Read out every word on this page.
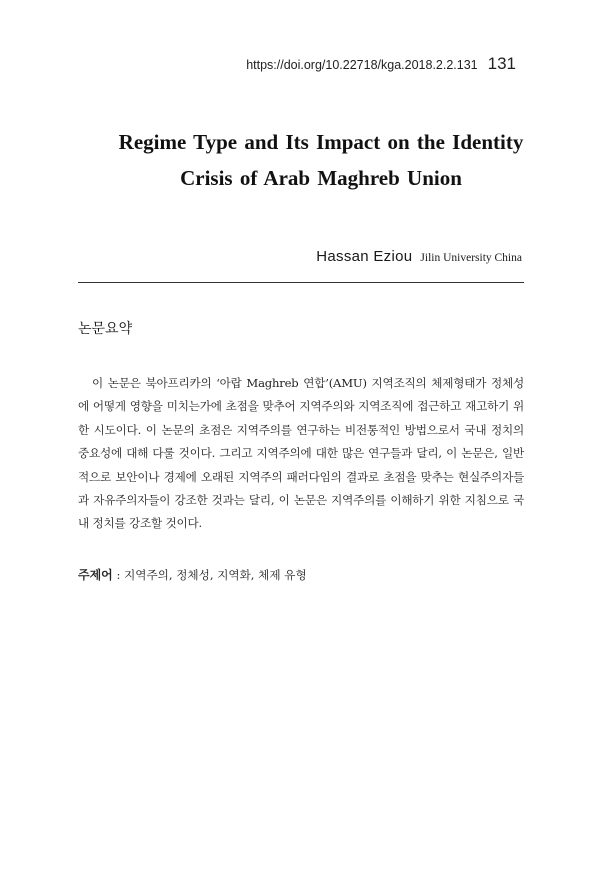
https://doi.org/10.22718/kga.2018.2.2.131 131
Regime Type and Its Impact on the Identity
Crisis of Arab Maghreb Union
Hassan Eziou Jilin University China
논문요약
이 논문은 북아프리카의 ‘아랍 Maghreb 연합’(AMU) 지역조직의 체제형태가 정체성에 어떻게 영향을 미치는가에 초점을 맞추어 지역주의와 지역조직에 접근하고 재고하기 위한 시도이다. 이 논문의 초점은 지역주의를 연구하는 비전통적인 방법으로서 국내 정치의 중요성에 대해 다룰 것이다. 그리고 지역주의에 대한 많은 연구들과 달리, 이 논문은, 일반적으로 보안이나 경제에 오래된 지역주의 패러다임의 결과로 초점을 맞추는 현실주의자들과 자유주의자들이 강조한 것과는 달리, 이 논문은 지역주의를 이해하기 위한 지침으로 국내 정치를 강조할 것이다.
주제어 : 지역주의, 정체성, 지역화, 체제 유형
